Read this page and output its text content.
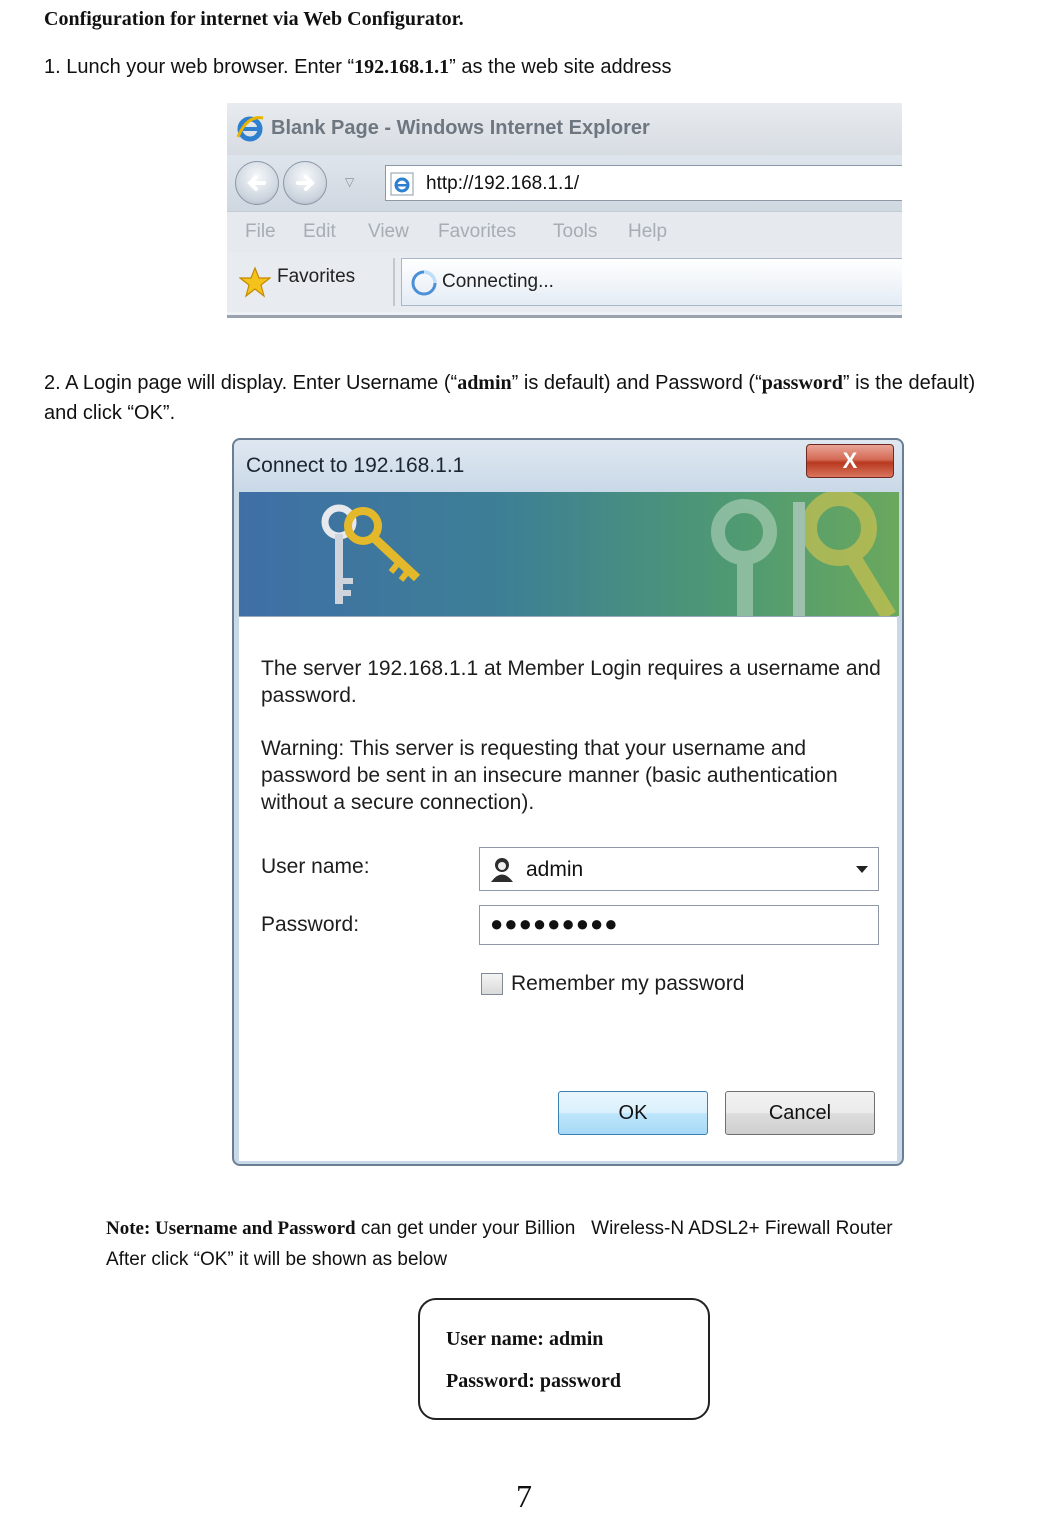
Configuration for internet via Web Configurator.
1. Lunch your web browser. Enter “192.168.1.1” as the web site address
Blank Page - Windows Internet Explorer
▽	http://192.168.1.1/
File Edit View Favorites Tools Help
Favorites	Connecting...
2. A Login page will display. Enter Username (“admin” is default) and Password (“password” is the default) and click “OK”.
Connect to 192.168.1.1	X
The server 192.168.1.1 at Member Login requires a username and password.
Warning: This server is requesting that your username and password be sent in an insecure manner (basic authentication without a secure connection).
User name:	admin
Password:	●●●●●●●●●
Remember my password
OK	Cancel
Note: Username and Password can get under your Billion   Wireless-N ADSL2+ Firewall Router
After click “OK” it will be shown as below
User name: admin
Password: password
7
